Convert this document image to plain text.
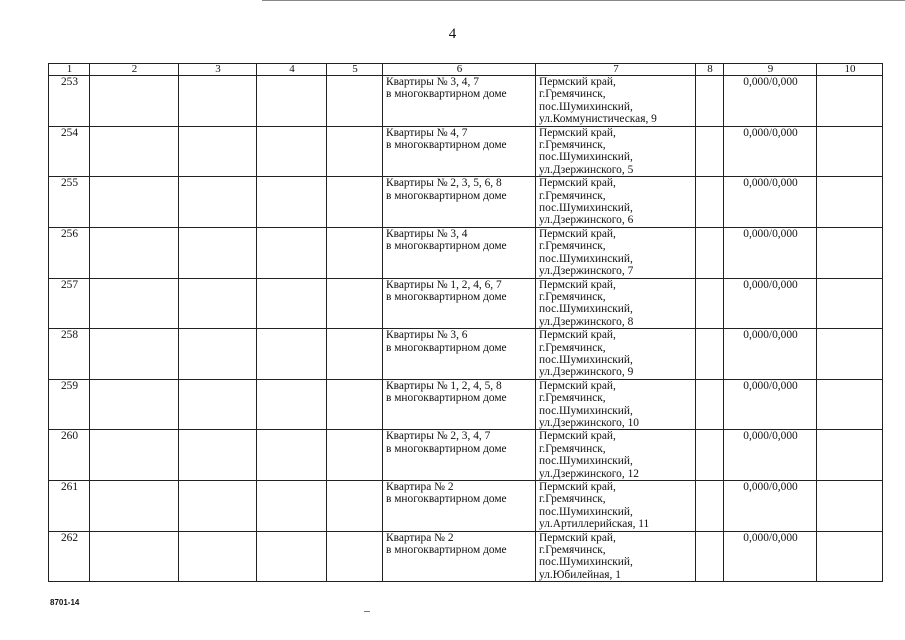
4
1	2	3	4	5	6	7	8	9	10
253					Квартиры № 3, 4, 7
в многоквартирном доме	Пермский край,
г.Гремячинск,
пос.Шумихинский,
ул.Коммунистическая, 9		0,000/0,000	
254					Квартиры № 4, 7
в многоквартирном доме	Пермский край,
г.Гремячинск,
пос.Шумихинский,
ул.Дзержинского, 5		0,000/0,000	
255					Квартиры № 2, 3, 5, 6, 8
в многоквартирном доме	Пермский край,
г.Гремячинск,
пос.Шумихинский,
ул.Дзержинского, 6		0,000/0,000	
256					Квартиры № 3, 4
в многоквартирном доме	Пермский край,
г.Гремячинск,
пос.Шумихинский,
ул.Дзержинского, 7		0,000/0,000	
257					Квартиры № 1, 2, 4, 6, 7
в многоквартирном доме	Пермский край,
г.Гремячинск,
пос.Шумихинский,
ул.Дзержинского, 8		0,000/0,000	
258					Квартиры № 3, 6
в многоквартирном доме	Пермский край,
г.Гремячинск,
пос.Шумихинский,
ул.Дзержинского, 9		0,000/0,000	
259					Квартиры № 1, 2, 4, 5, 8
в многоквартирном доме	Пермский край,
г.Гремячинск,
пос.Шумихинский,
ул.Дзержинского, 10		0,000/0,000	
260					Квартиры № 2, 3, 4, 7
в многоквартирном доме	Пермский край,
г.Гремячинск,
пос.Шумихинский,
ул.Дзержинского, 12		0,000/0,000	
261					Квартира № 2
в многоквартирном доме	Пермский край,
г.Гремячинск,
пос.Шумихинский,
ул.Артиллерийская, 11		0,000/0,000	
262					Квартира № 2
в многоквартирном доме	Пермский край,
г.Гремячинск,
пос.Шумихинский,
ул.Юбилейная, 1		0,000/0,000	
8701-14
